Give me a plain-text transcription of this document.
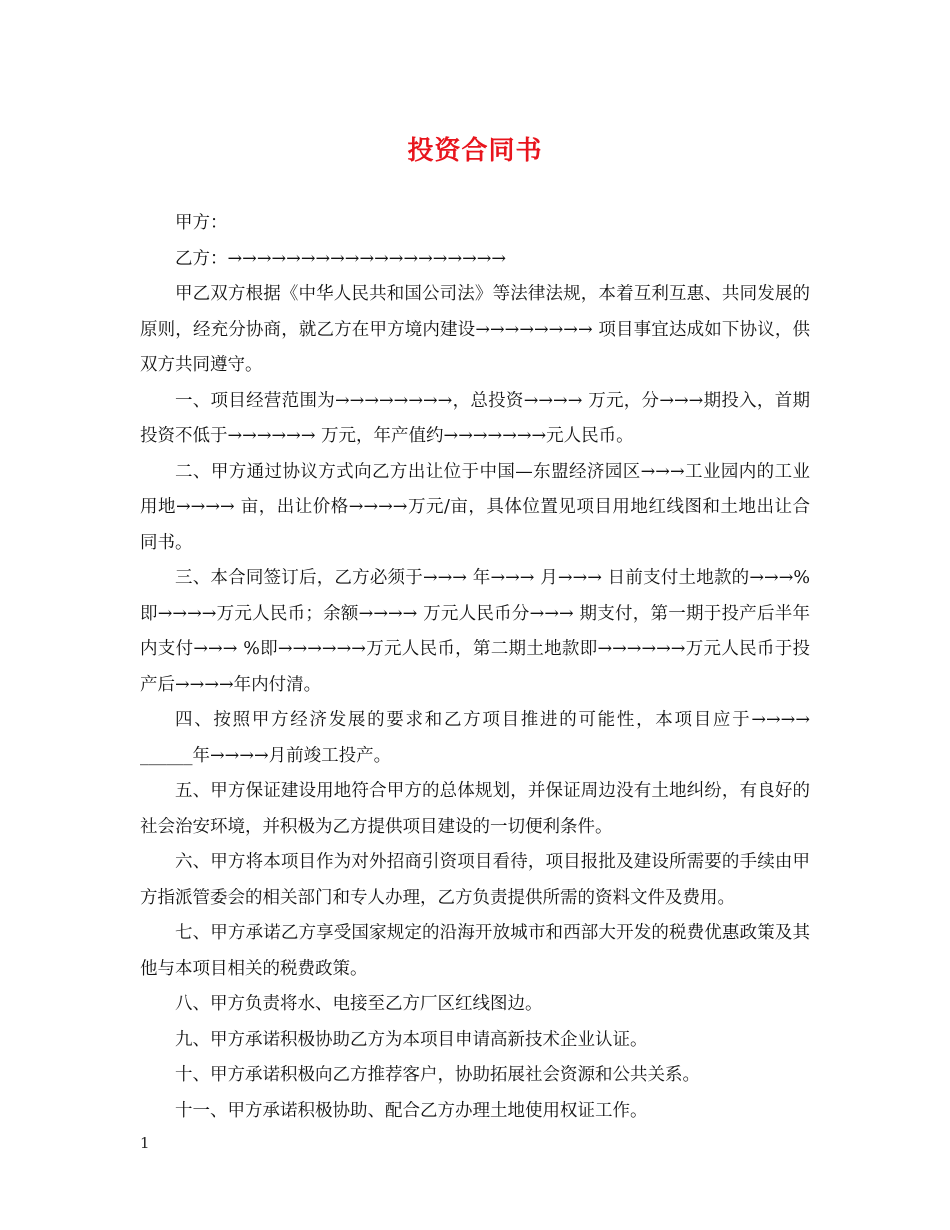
投资合同书

甲方：

乙方：→→→→→→→→→→→→→→→→→→→

甲乙双方根据《中华人民共和国公司法》等法律法规，本着互利互惠、共同发展的原则，经充分协商，就乙方在甲方境内建设→→→→→→→→ 项目事宜达成如下协议，供双方共同遵守。

一、项目经营范围为→→→→→→→→，总投资→→→→ 万元，分→→→期投入，首期投资不低于→→→→→→ 万元，年产值约→→→→→→→元人民币。

二、甲方通过协议方式向乙方出让位于中国—东盟经济园区→→→工业园内的工业用地→→→→ 亩，出让价格→→→→万元/亩，具体位置见项目用地红线图和土地出让合同书。

三、本合同签订后，乙方必须于→→→ 年→→→ 月→→→ 日前支付土地款的→→→%即→→→→万元人民币；余额→→→→ 万元人民币分→→→ 期支付，第一期于投产后半年内支付→→→ %即→→→→→→万元人民币，第二期土地款即→→→→→→万元人民币于投产后→→→→年内付清。

四、按照甲方经济发展的要求和乙方项目推进的可能性，本项目应于→→→→ ______年→→→→月前竣工投产。

五、甲方保证建设用地符合甲方的总体规划，并保证周边没有土地纠纷，有良好的社会治安环境，并积极为乙方提供项目建设的一切便利条件。

六、甲方将本项目作为对外招商引资项目看待，项目报批及建设所需要的手续由甲方指派管委会的相关部门和专人办理，乙方负责提供所需的资料文件及费用。

七、甲方承诺乙方享受国家规定的沿海开放城市和西部大开发的税费优惠政策及其他与本项目相关的税费政策。

八、甲方负责将水、电接至乙方厂区红线图边。

九、甲方承诺积极协助乙方为本项目申请高新技术企业认证。

十、甲方承诺积极向乙方推荐客户，协助拓展社会资源和公共关系。

十一、甲方承诺积极协助、配合乙方办理土地使用权证工作。

1
